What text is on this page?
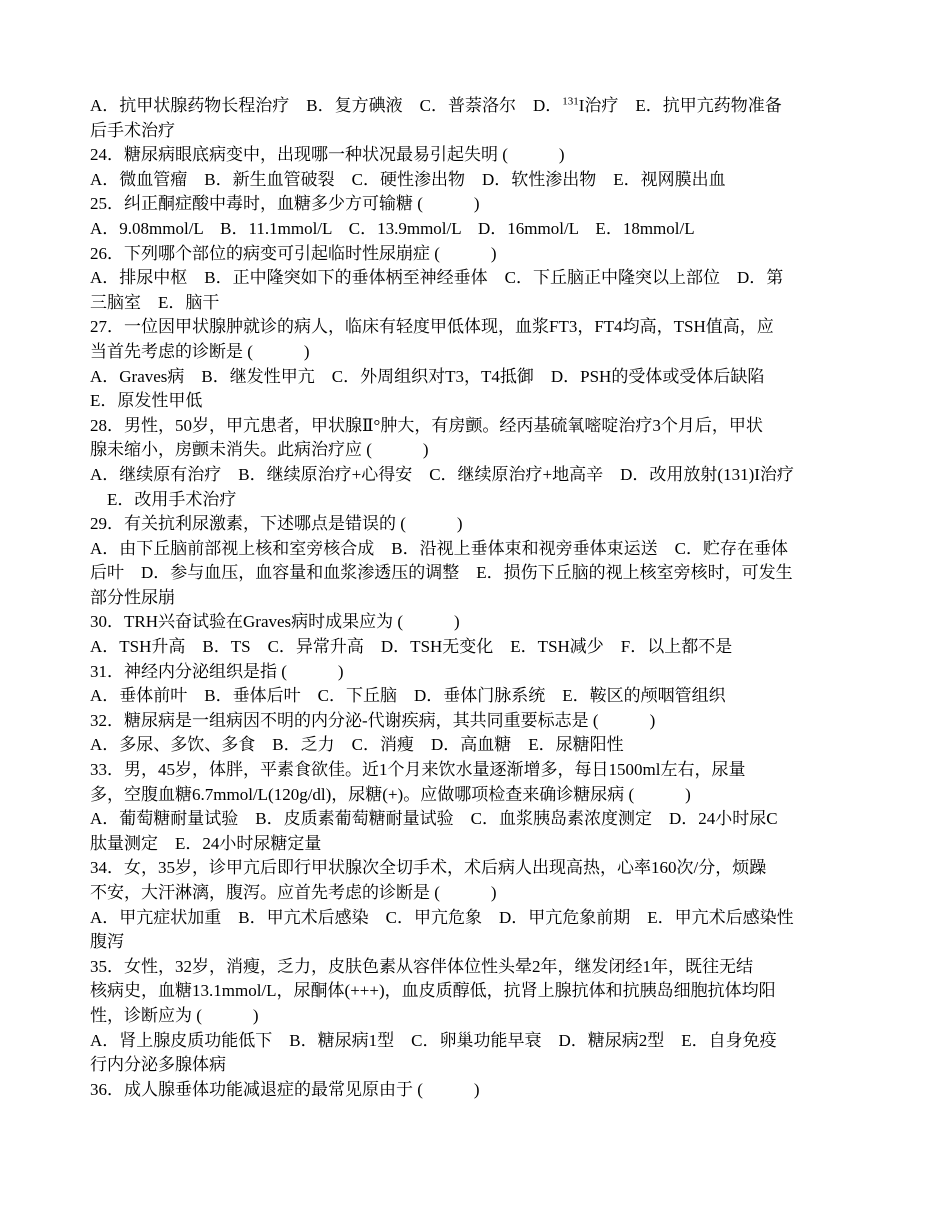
A．抗甲状腺药物长程治疗　B．复方碘液　C．普萘洛尔　D．$^{131}$I治疗　E．抗甲亢药物准备
后手术治疗
24．糖尿病眼底病变中，出现哪一种状况最易引起失明 (　　　)
A．微血管瘤　B．新生血管破裂　C．硬性渗出物　D．软性渗出物　E．视网膜出血
25．纠正酮症酸中毒时，血糖多少方可输糖 (　　　)
A．9.08mmol/L　B．11.1mmol/L　C．13.9mmol/L　D．16mmol/L　E．18mmol/L
26．下列哪个部位的病变可引起临时性尿崩症 (　　　)
A．排尿中枢　B．正中隆突如下的垂体柄至神经垂体　C．下丘脑正中隆突以上部位　D．第
三脑室　E．脑干
27．一位因甲状腺肿就诊的病人，临床有轻度甲低体现，血浆FT3，FT4均高，TSH值高，应
当首先考虑的诊断是 (　　　)
A．Graves病　B．继发性甲亢　C．外周组织对T3，T4抵御　D．PSH的受体或受体后缺陷
E．原发性甲低
28．男性，50岁，甲亢患者，甲状腺Ⅱ°肿大，有房颤。经丙基硫氧嘧啶治疗3个月后，甲状
腺未缩小，房颤未消失。此病治疗应 (　　　)
A．继续原有治疗　B．继续原治疗+心得安　C．继续原治疗+地高辛　D．改用放射(131)I治疗
　E．改用手术治疗
29．有关抗利尿激素，下述哪点是错误的 (　　　)
A．由下丘脑前部视上核和室旁核合成　B．沿视上垂体束和视旁垂体束运送　C．贮存在垂体
后叶　D．参与血压，血容量和血浆渗透压的调整　E．损伤下丘脑的视上核室旁核时，可发生
部分性尿崩
30．TRH兴奋试验在Graves病时成果应为 (　　　)
A．TSH升高　B．TS　C．异常升高　D．TSH无变化　E．TSH减少　F．以上都不是
31．神经内分泌组织是指 (　　　)
A．垂体前叶　B．垂体后叶　C．下丘脑　D．垂体门脉系统　E．鞍区的颅咽管组织
32．糖尿病是一组病因不明的内分泌-代谢疾病，其共同重要标志是 (　　　)
A．多尿、多饮、多食　B．乏力　C．消瘦　D．高血糖　E．尿糖阳性
33．男，45岁，体胖，平素食欲佳。近1个月来饮水量逐渐增多，每日1500ml左右，尿量
多，空腹血糖6.7mmol/L(120g/dl)，尿糖(+)。应做哪项检查来确诊糖尿病 (　　　)
A．葡萄糖耐量试验　B．皮质素葡萄糖耐量试验　C．血浆胰岛素浓度测定　D．24小时尿C
肽量测定　E．24小时尿糖定量
34．女，35岁，诊甲亢后即行甲状腺次全切手术，术后病人出现高热，心率160次/分，烦躁
不安，大汗淋漓，腹泻。应首先考虑的诊断是 (　　　)
A．甲亢症状加重　B．甲亢术后感染　C．甲亢危象　D．甲亢危象前期　E．甲亢术后感染性
腹泻
35．女性，32岁，消瘦，乏力，皮肤色素从容伴体位性头晕2年，继发闭经1年，既往无结
核病史，血糖13.1mmol/L，尿酮体(+++)，血皮质醇低，抗肾上腺抗体和抗胰岛细胞抗体均阳
性，诊断应为 (　　　)
A．肾上腺皮质功能低下　B．糖尿病1型　C．卵巢功能早衰　D．糖尿病2型　E．自身免疫
行内分泌多腺体病
36．成人腺垂体功能减退症的最常见原由于 (　　　)
